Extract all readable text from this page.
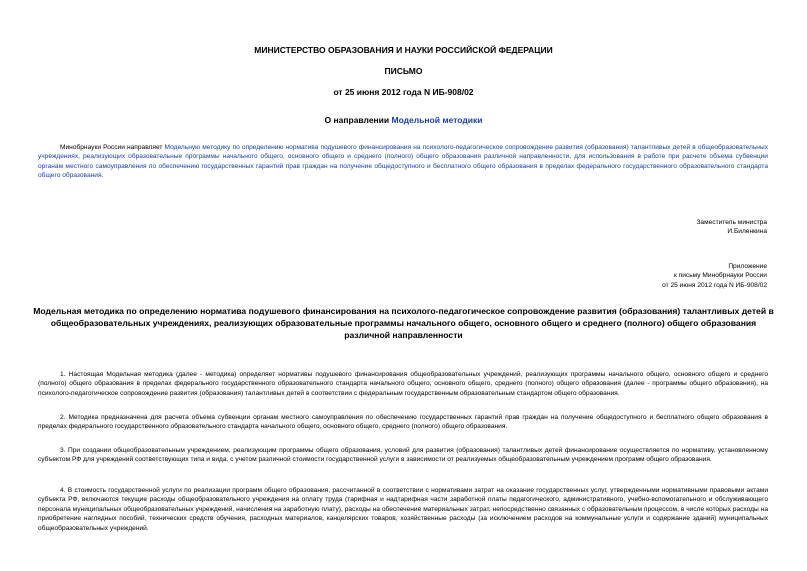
МИНИСТЕРСТВО ОБРАЗОВАНИЯ И НАУКИ РОССИЙСКОЙ ФЕДЕРАЦИИ
ПИСЬМО
от 25 июня 2012 года N ИБ-908/02
О направлении Модельной методики
Минобрнауки России направляет Модельную методику по определению норматива подушевого финансирования на психолого-педагогическое сопровождение развития (образования) талантливых детей в общеобразовательных учреждениях, реализующих образовательные программы начального общего, основного общего и среднего (полного) общего образования различной направленности, для использования в работе при расчете объема субвенции органам местного самоуправления по обеспечению государственных гарантий прав граждан на получение общедоступного и бесплатного общего образования в пределах федерального государственного образовательного стандарта общего образования.
Заместитель министра
И.Биленкина
Приложение
к письму Минобрнауки России
от 25 июня 2012 года N ИБ-908/02
Модельная методика по определению норматива подушевого финансирования на психолого-педагогическое сопровождение развития (образования) талантливых детей в общеобразовательных учреждениях, реализующих образовательные программы начального общего, основного общего и среднего (полного) общего образования различной направленности
1. Настоящая Модельная методика (далее - методика) определяет нормативы подушевого финансирования общеобразовательных учреждений, реализующих программы начального общего, основного общего и среднего (полного) общего образования в пределах федерального государственного образовательного стандарта начального общего, основного общего, среднего (полного) общего образования (далее - программы общего образования), на психолого-педагогическое сопровождение развития (образования) талантливых детей в соответствии с федеральным государственным образовательным стандартом общего образования.
2. Методика предназначена для расчета объема субвенции органам местного самоуправления по обеспечению государственных гарантий прав граждан на получение общедоступного и бесплатного общего образования в пределах федерального государственного образовательного стандарта начального общего, основного общего, среднего (полного) общего образования.
3. При создании общеобразовательным учреждением, реализующим программы общего образования, условий для развития (образования) талантливых детей финансирование осуществляется по нормативу, установленному субъектом РФ для учреждений соответствующих типа и вида, с учетом различной стоимости государственной услуги в зависимости от реализуемых общеобразовательным учреждением программ общего образования.
4. В стоимость государственной услуги по реализации программ общего образования, рассчитанной в соответствии с нормативами затрат на оказание государственных услуг, утвержденными нормативными правовыми актами субъекта РФ, включаются текущие расходы общеобразовательного учреждения на оплату труда (тарифная и надтарифная части заработной платы педагогического, административного, учебно-вспомогательного и обслуживающего персонала муниципальных общеобразовательных учреждений, начисления на заработную плату), расходы на обеспечение материальных затрат, непосредственно связанных с образовательным процессом, в числе которых расходы на приобретение наглядных пособий, технических средств обучения, расходных материалов, канцелярских товаров, хозяйственные расходы (за исключением расходов на коммунальные услуги и содержание зданий) муниципальных общеобразовательных учреждений.
